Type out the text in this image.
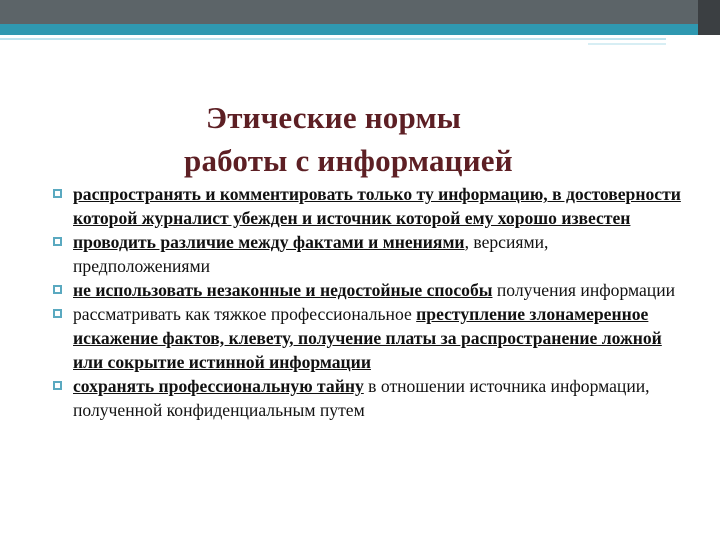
Этические нормы
работы с информацией
распространять и комментировать только ту информацию, в достоверности которой журналист убежден и источник которой ему хорошо известен
проводить различие между фактами и мнениями, версиями, предположениями
не использовать незаконные и недостойные способы получения информации
рассматривать как тяжкое профессиональное преступление злонамеренное искажение фактов, клевету, получение платы за распространение ложной или сокрытие истинной информации
сохранять профессиональную тайну в отношении источника информации, полученной конфиденциальным путем
